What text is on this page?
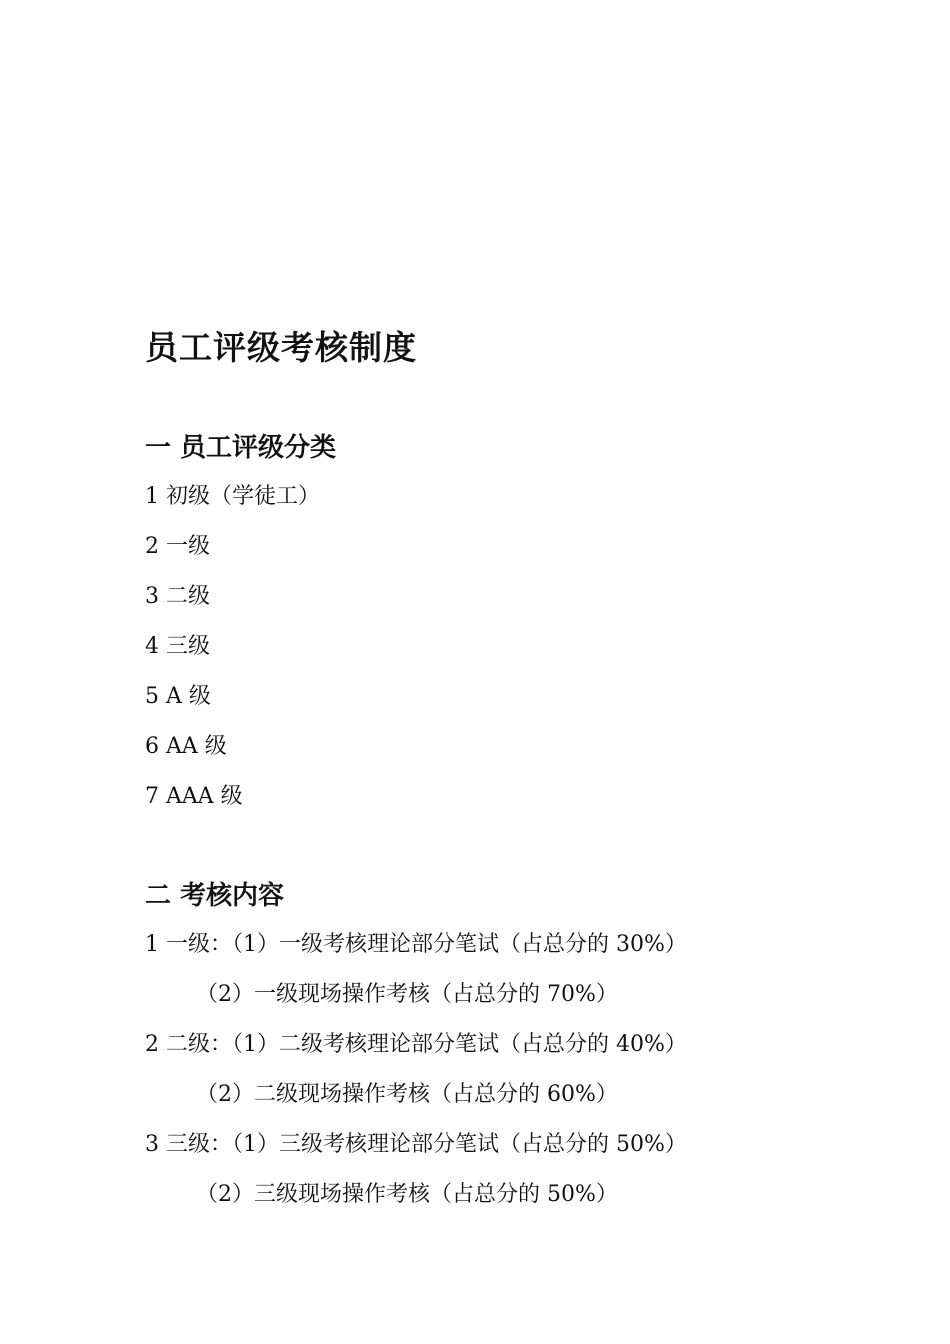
员工评级考核制度
一 员工评级分类
1 初级（学徒工）
2 一级
3 二级
4 三级
5 A 级
6 AA 级
7 AAA 级
二 考核内容
1 一级：（1）一级考核理论部分笔试（占总分的 30%）
（2）一级现场操作考核（占总分的 70%）
2 二级：（1）二级考核理论部分笔试（占总分的 40%）
（2）二级现场操作考核（占总分的 60%）
3 三级：（1）三级考核理论部分笔试（占总分的 50%）
（2）三级现场操作考核（占总分的 50%）
